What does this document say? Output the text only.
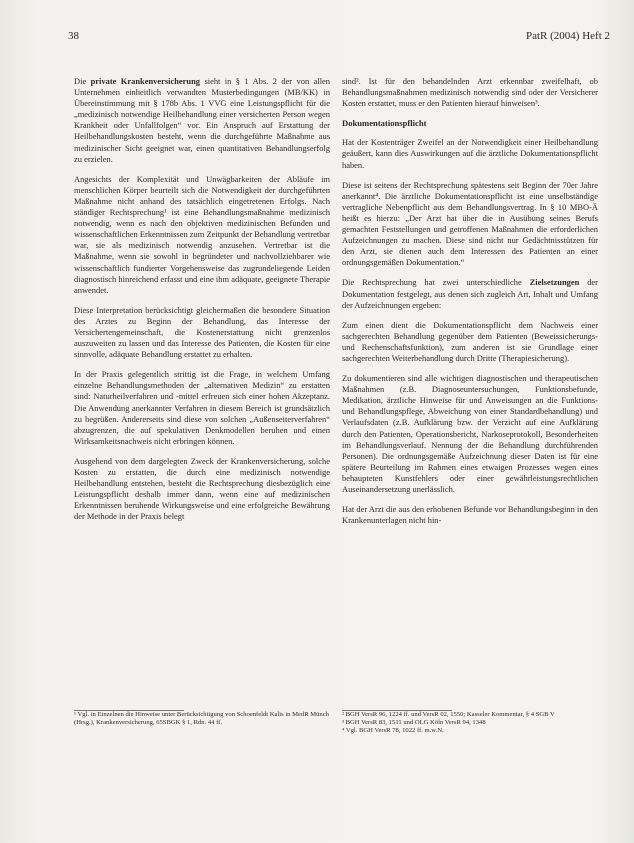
38	PatR (2004) Heft 2

Die private Krankenversicherung sieht in § 1 Abs. 2 der von allen Unternehmen einheitlich verwandten Musterbedingungen (MB/KK) in Übereinstimmung mit § 178b Abs. 1 VVG eine Leistungspflicht für die „medizinisch notwendige Heilbehandlung einer versicherten Person wegen Krankheit oder Unfallfolgen“ vor. Ein Anspruch auf Erstattung der Heilbehandlungskosten besteht, wenn die durchgeführte Maßnahme aus medizinischer Sicht geeignet war, einen quantitativen Behandlungserfolg zu erzielen.

Angesichts der Komplexität und Unwägbarkeiten der Abläufe im menschlichen Körper beurteilt sich die Notwendigkeit der durchgeführten Maßnahme nicht anhand des tatsächlich eingetretenen Erfolgs. Nach ständiger Rechtsprechung¹ ist eine Behandlungsmaßnahme medizinisch notwendig, wenn es nach den objektiven medizinischen Befunden und wissenschaftlichen Erkenntnissen zum Zeitpunkt der Behandlung vertretbar war, sie als medizinisch notwendig anzusehen. Vertretbar ist die Maßnahme, wenn sie sowohl in begründeter und nachvollziehbarer wie wissenschaftlich fundierter Vorgehensweise das zugrundeliegende Leiden diagnostisch hinreichend erfasst und eine ihm adäquate, geeignete Therapie anwendet.

Diese Interpretation berücksichtigt gleichermaßen die besondere Situation des Arztes zu Beginn der Behandlung, das Interesse der Versichertengemeinschaft, die Kostenerstattung nicht grenzenlos auszuweiten zu lassen und das Interesse des Patienten, die Kosten für eine sinnvolle, adäquate Behandlung erstattet zu erhalten.

In der Praxis gelegentlich strittig ist die Frage, in welchem Umfang einzelne Behandlungsmethoden der „alternativen Medizin“ zu erstatten sind: Naturheilverfahren und -mittel erfreuen sich einer hohen Akzeptanz. Die Anwendung anerkannter Verfahren in diesem Bereich ist grundsätzlich zu begrüßen. Andererseits sind diese von solchen „Außenseiterverfahren“ abzugrenzen, die auf spekulativen Denkmodellen beruhen und einen Wirksamkeitsnachweis nicht erbringen können.

Ausgehend von dem dargelegten Zweck der Krankenversicherung, solche Kosten zu erstatten, die durch eine medizinisch notwendige Heilbehandlung entstehen, besteht die Rechtsprechung diesbezüglich eine Leistungspflicht deshalb immer dann, wenn eine auf medizinischen Erkenntnissen beruhende Wirkungsweise und eine erfolgreiche Bewährung der Methode in der Praxis belegt

¹ Vgl. in Einzelnen die Hinweise unter Berücksichtigung von Schoenfeldt Kalis in MedR Münch (Hrsg.), Krankenversicherung, 65SBGK § 1, Rdn. 44 ff.

sind². Ist für den behandelnden Arzt erkennbar zweifelhaft, ob Behandlungsmaßnahmen medizinisch notwendig sind oder der Versicherer Kosten erstattet, muss er den Patienten hierauf hinweisen³.

Dokumentationspflicht

Hat der Kostenträger Zweifel an der Notwendigkeit einer Heilbehandlung geäußert, kann dies Auswirkungen auf die ärztliche Dokumentationspflicht haben.

Diese ist seitens der Rechtsprechung spätestens seit Beginn der 70er Jahre anerkannt⁴. Die ärztliche Dokumentationspflicht ist eine unselbständige vertragliche Nebenpflicht aus dem Behandlungsvertrag. In § 10 MBO-Ä heißt es hierzu: „Der Arzt hat über die in Ausübung seines Berufs gemachten Feststellungen und getroffenen Maßnahmen die erforderlichen Aufzeichnungen zu machen. Diese sind nicht nur Gedächtnisstützen für den Arzt, sie dienen auch dem Interessen des Patienten an einer ordnungsgemäßen Dokumentation.“

Die Rechtsprechung hat zwei unterschiedliche Zielsetzungen der Dokumentation festgelegt, aus denen sich zugleich Art, Inhalt und Umfang der Aufzeichnungen ergeben:

Zum einen dient die Dokumentationspflicht dem Nachweis einer sachgerechten Behandlung gegenüber dem Patienten (Beweissicherungs- und Rechenschaftsfunktion), zum anderen ist sie Grundlage einer sachgerechten Weiterbehandlung durch Dritte (Therapiesicherung).

Zu dokumentieren sind alle wichtigen diagnostischen und therapeutischen Maßnahmen (z.B. Diagnoseuntersuchungen, Funktionsbefunde, Medikation, ärztliche Hinweise für und Anweisungen an die Funktions- und Behandlungspflege, Abweichung von einer Standardbehandlung) und Verlaufsdaten (z.B. Aufklärung bzw. der Verzicht auf eine Aufklärung durch den Patienten, Operationsbericht, Narkoseprotokoll, Besonderheiten im Behandlungsverlauf. Nennung der die Behandlung durchführenden Personen). Die ordnungsgemäße Aufzeichnung dieser Daten ist für eine spätere Beurteilung im Rahmen eines etwaigen Prozesses wegen eines behaupteten Kunstfehlers oder einer gewährleistungsrechtlichen Auseinandersetzung unerlässlich.

Hat der Arzt die aus den erhobenen Befunde vor Behandlungsbeginn in den Krankenunterlagen nicht hin-

² BGH VersR 96, 1224 ff. und VersR 02, 1550; Kasseler Kommentar, § 4 SGB V
³ BGH VersR 83, 1511 und OLG Köln VersR 94, 1348
⁴ Vgl. BGH VersR 78, 1022 ff. m.w.N.
